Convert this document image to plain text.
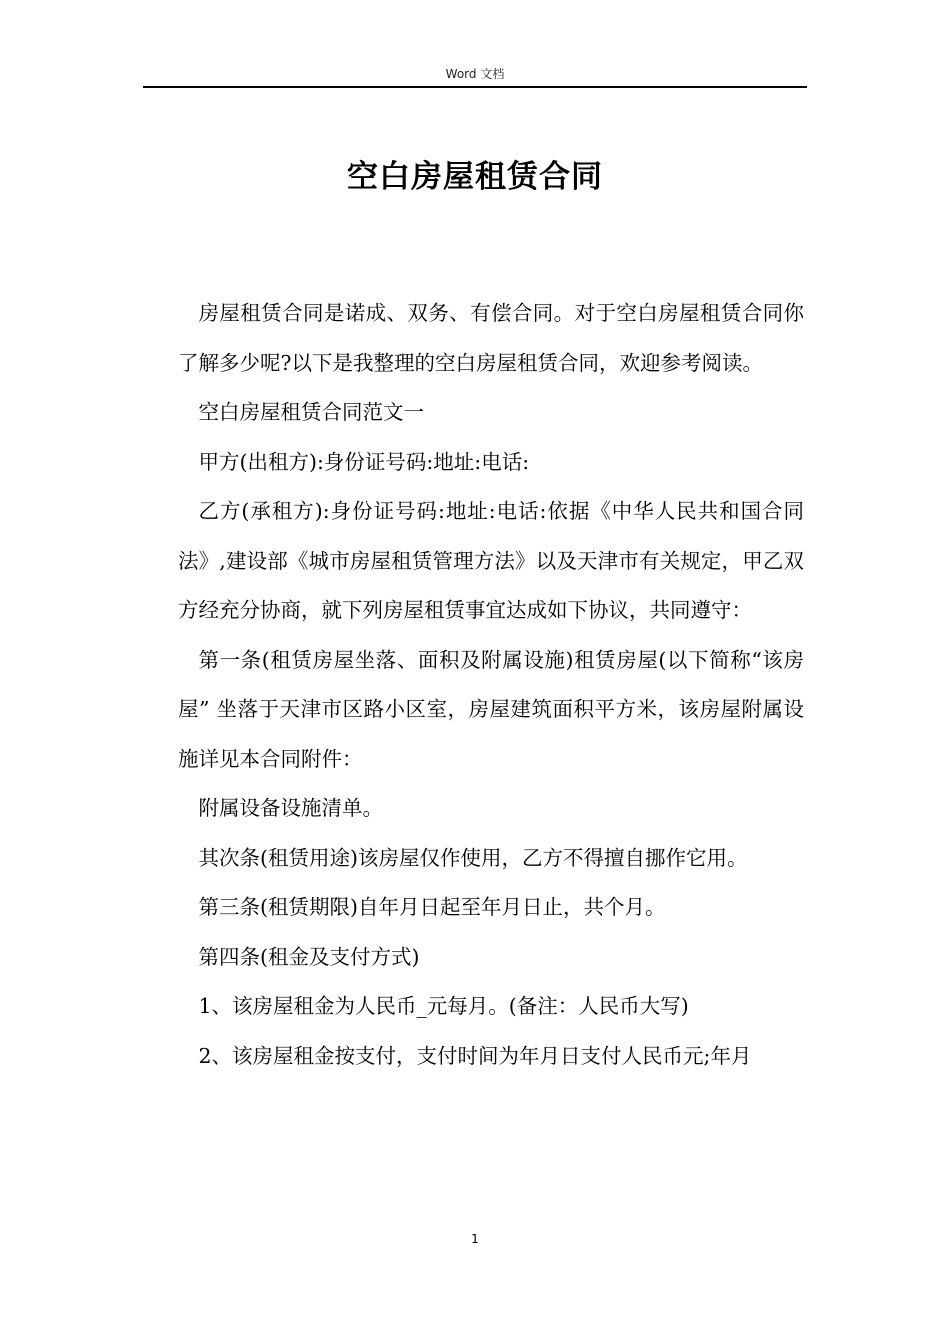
Word 文档
空白房屋租赁合同

房屋租赁合同是诺成、双务、有偿合同。对于空白房屋租赁合同你了解多少呢?以下是我整理的空白房屋租赁合同，欢迎参考阅读。

空白房屋租赁合同范文一

甲方(出租方):身份证号码:地址:电话:

乙方(承租方):身份证号码:地址:电话:依据《中华人民共和国合同法》,建设部《城市房屋租赁管理方法》以及天津市有关规定，甲乙双方经充分协商，就下列房屋租赁事宜达成如下协议，共同遵守：

第一条(租赁房屋坐落、面积及附属设施)租赁房屋(以下简称“该房屋” 坐落于天津市区路小区室，房屋建筑面积平方米，该房屋附属设施详见本合同附件：

附属设备设施清单。

其次条(租赁用途)该房屋仅作使用，乙方不得擅自挪作它用。

第三条(租赁期限)自年月日起至年月日止，共个月。

第四条(租金及支付方式)

1、该房屋租金为人民币_元每月。(备注：人民币大写)

2、该房屋租金按支付，支付时间为年月日支付人民币元;年月

1
